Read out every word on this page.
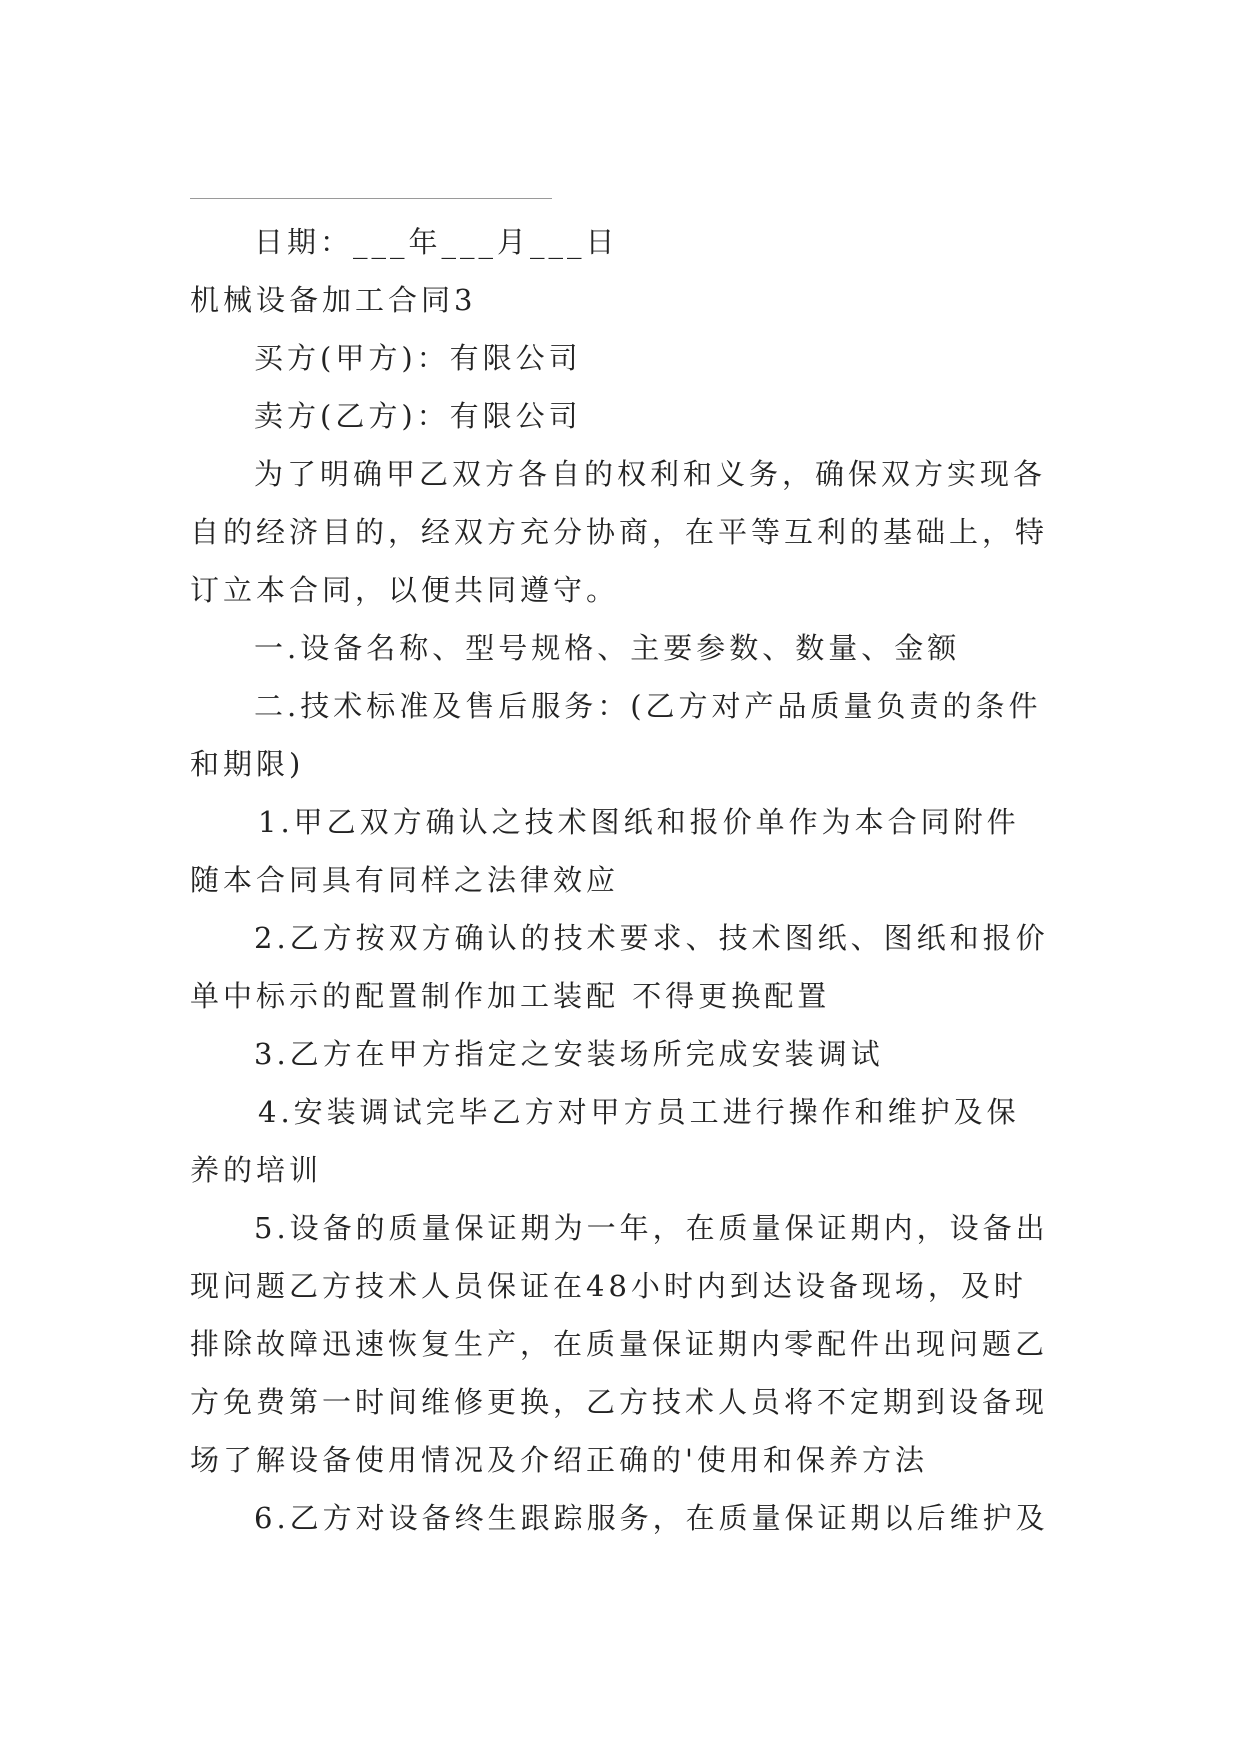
日期：___年___月___日
机械设备加工合同3
买方(甲方)：有限公司
卖方(乙方)：有限公司
为了明确甲乙双方各自的权利和义务，确保双方实现各
自的经济目的，经双方充分协商，在平等互利的基础上，特
订立本合同，以便共同遵守。
一.设备名称、型号规格、主要参数、数量、金额
二.技术标准及售后服务：(乙方对产品质量负责的条件
和期限)
1.甲乙双方确认之技术图纸和报价单作为本合同附件
随本合同具有同样之法律效应
2.乙方按双方确认的技术要求、技术图纸、图纸和报价
单中标示的配置制作加工装配 不得更换配置
3.乙方在甲方指定之安装场所完成安装调试
4.安装调试完毕乙方对甲方员工进行操作和维护及保
养的培训
5.设备的质量保证期为一年，在质量保证期内，设备出
现问题乙方技术人员保证在48小时内到达设备现场，及时
排除故障迅速恢复生产，在质量保证期内零配件出现问题乙
方免费第一时间维修更换，乙方技术人员将不定期到设备现
场了解设备使用情况及介绍正确的'使用和保养方法
6.乙方对设备终生跟踪服务，在质量保证期以后维护及
